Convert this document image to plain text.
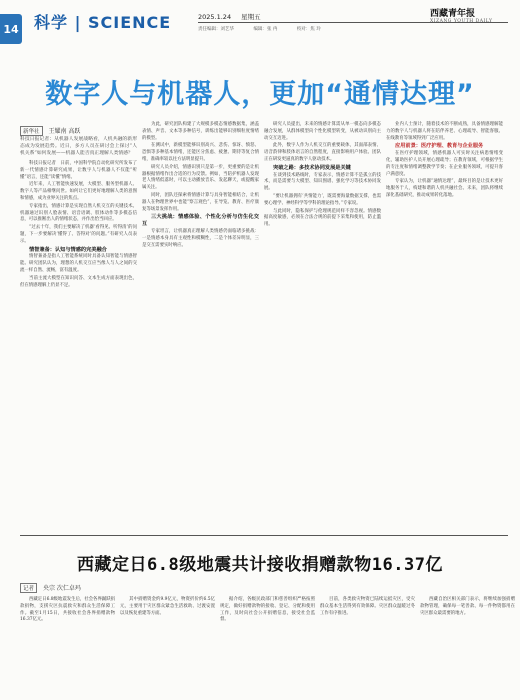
14 科学 | SCIENCE	2025.1.24 星期五	西藏青年报
责任编辑：刘艺华	编辑：张 冉	校对：焦 玲
数字人与机器人，更加“通情达理”
新华社 王耀南 高跃
科技日报记者：从机器人发展战略看，人机共融的新形态成为发展趋势。近日，多方人员在研讨会上探讨“人机关系”如何发展——机器人能否真正理解人类情感？

科技日报记者　日前，中国科学院自动化研究所发布了新一代情感计算研究成果，让数字人与机器人不仅能“听懂”语言，还能“读懂”情绪。

近年来，人工智能快速发展，大模型、服务型机器人、数字人等产品相继问世。如何让它们更好地理解人类的意图和情感，成为业界关注的焦点。

专家指出，情感计算是实现自然人机交互的关键技术。机器通过识别人脸表情、语音语调、肢体动作等多模态信息，可以推断出人的情绪状态，并作出恰当回应。

“过去十年，我们主要解决了机器‘看得见、听得清’的问题，下一步要解决‘懂得了、答得对’的问题。”有研究人员表示。

情智兼备：认知与情感的完美融合

情智兼备是指人工智能系统同时具备认知智能与情感智能。研究团队认为，理想的人机交互应当像人与人之间的交流一样自然、流畅，富有温度。

当前主流大模型在知识问答、文本生成方面表现出色，但在情感理解上仍显不足。

为此，研究团队构建了大规模多模态情感数据集，涵盖表情、声音、文本等多种信号，训练出能够识别细粒度情绪的模型。

在测试中，新模型能够识别高兴、悲伤、惊讶、愤怒、恐惧等多种基本情绪，还能区分焦虑、疲惫、期待等复合情绪，准确率较以往方法明显提升。

研究人员介绍，情感识别只是第一步，更重要的是让机器根据情绪作出合适的行为反馈。例如，当陪护机器人发现老人情绪低落时，可以主动播放音乐、发起聊天，或提醒家属关注。

同时，团队还探索将情感计算与具身智能相结合，让机器人在物理世界中也能“察言观色”，在导览、教育、医疗康复等场景发挥作用。

三大挑战：情感体验、个性化分析与仿生化交互

专家坦言，让机器真正理解人类情感仍面临诸多挑战：一是情感本身具有主观性和模糊性，二是个体差异明显，三是交互需要实时响应。

研究人员提出，未来的情感计算需从单一模态向多模态融合发展，从群体模型向个性化模型转变，从被动识别向主动交互迈进。

此外，数字人作为人机交互的重要载体，其面部表情、语音韵律和肢体语言的自然程度，直接影响用户体验。团队正在研发更逼真的数字人驱动技术。

突破之路：多技术协同发展是关键

在谈到技术路线时，专家表示，情感计算不是孤立的技术，而是需要与大模型、知识图谱、强化学习等技术协同发展。

“要让机器拥有‘共情能力’，既需要海量数据支撑，也需要心理学、神经科学等学科的理论指导。”专家说。

与此同时，隐私保护与伦理规范同样不容忽视。情感数据高度敏感，必须在合法合规的前提下采集和使用，防止滥用。

业内人士预计，随着技术的不断成熟，具备情感理解能力的数字人与机器人将在陪伴养老、心理疏导、智能客服、在线教育等领域得到广泛应用。

应用前景：医疗护理、教育与企业服务

在医疗护理领域，情感机器人可实时关注病患情绪变化，辅助医护人员开展心理疏导；在教育领域，可根据学生的专注度和情绪调整教学节奏；在企业服务领域，可提升客户满意度。

专家认为，让机器“通情达理”，最终目的是让技术更好地服务于人，构建和谐的人机共融社会。未来，团队将继续深化基础研究，推动成果转化落地。

西藏定日6.8级地震共计接收捐赠款物16.37亿
记者 央宗 次仁卓玛

西藏定日6.8级地震发生后，社会各界踊跃捐款捐物，支援灾区抗震救灾和群众生活保障工作。截至1月15日，共接收社会各界捐赠款物16.37亿元。

其中捐赠资金约9.9亿元，物资折价约6.5亿元，主要用于灾区群众紧急生活救助、过渡安置以及恢复重建等方面。

据介绍，各级民政部门和慈善组织严格按照规定，做好捐赠款物的接收、登记、分配和使用工作，及时向社会公开捐赠信息，接受社会监督。

目前，各类救灾物资已陆续运抵灾区，受灾群众基本生活得到有效保障。灾区群众温暖过冬工作有序推进。

西藏自治区相关部门表示，将继续加强捐赠款物管理，确保每一笔善款、每一件物资都用在灾区群众最需要的地方。
